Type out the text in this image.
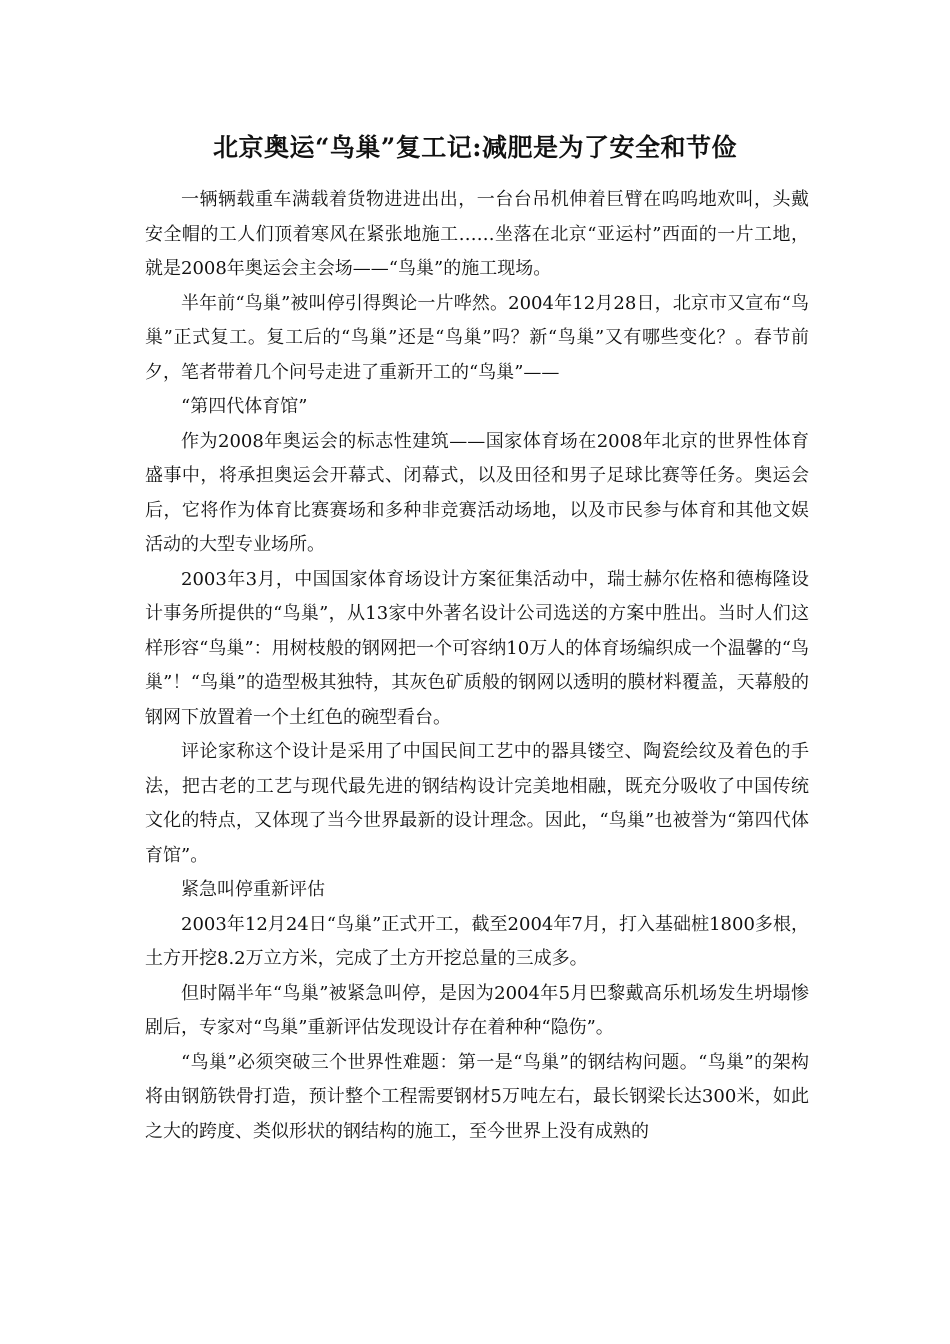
北京奥运“鸟巢”复工记:减肥是为了安全和节俭

一辆辆载重车满载着货物进进出出，一台台吊机伸着巨臂在呜呜地欢叫，头戴安全帽的工人们顶着寒风在紧张地施工……坐落在北京“亚运村”西面的一片工地，就是2008年奥运会主会场——“鸟巢”的施工现场。

半年前“鸟巢”被叫停引得舆论一片哗然。2004年12月28日，北京市又宣布“鸟巢”正式复工。复工后的“鸟巢”还是“鸟巢”吗？新“鸟巢”又有哪些变化？。春节前夕，笔者带着几个问号走进了重新开工的“鸟巢”——

“第四代体育馆”

作为2008年奥运会的标志性建筑——国家体育场在2008年北京的世界性体育盛事中，将承担奥运会开幕式、闭幕式，以及田径和男子足球比赛等任务。奥运会后，它将作为体育比赛赛场和多种非竞赛活动场地，以及市民参与体育和其他文娱活动的大型专业场所。

2003年3月，中国国家体育场设计方案征集活动中，瑞士赫尔佐格和德梅隆设计事务所提供的“鸟巢”，从13家中外著名设计公司选送的方案中胜出。当时人们这样形容“鸟巢”：用树枝般的钢网把一个可容纳10万人的体育场编织成一个温馨的“鸟巢”！“鸟巢”的造型极其独特，其灰色矿质般的钢网以透明的膜材料覆盖，天幕般的钢网下放置着一个土红色的碗型看台。

评论家称这个设计是采用了中国民间工艺中的器具镂空、陶瓷绘纹及着色的手法，把古老的工艺与现代最先进的钢结构设计完美地相融，既充分吸收了中国传统文化的特点，又体现了当今世界最新的设计理念。因此，“鸟巢”也被誉为“第四代体育馆”。

紧急叫停重新评估

2003年12月24日“鸟巢”正式开工，截至2004年7月，打入基础桩1800多根，土方开挖8.2万立方米，完成了土方开挖总量的三成多。

但时隔半年“鸟巢”被紧急叫停，是因为2004年5月巴黎戴高乐机场发生坍塌惨剧后，专家对“鸟巢”重新评估发现设计存在着种种“隐伤”。

“鸟巢”必须突破三个世界性难题：第一是“鸟巢”的钢结构问题。“鸟巢”的架构将由钢筋铁骨打造，预计整个工程需要钢材5万吨左右，最长钢梁长达300米，如此之大的跨度、类似形状的钢结构的施工，至今世界上没有成熟的
